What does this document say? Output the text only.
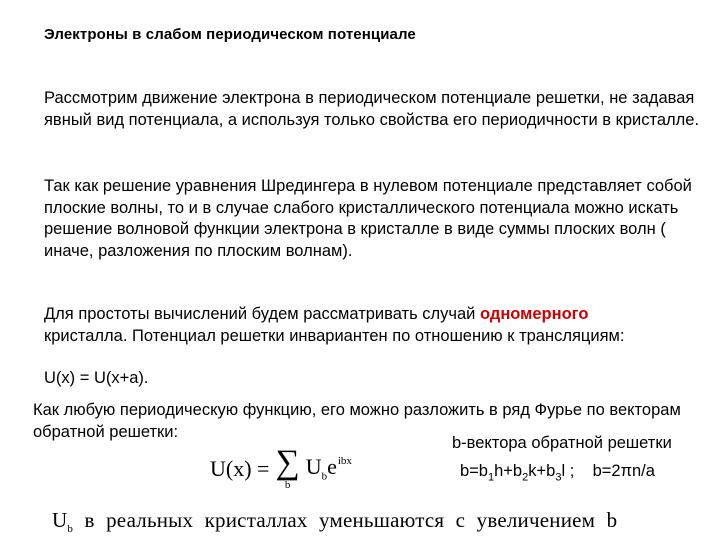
Электроны в слабом периодическом потенциале
Рассмотрим движение электрона в периодическом потенциале решетки, не задавая явный вид потенциала, а используя только свойства его периодичности в кристалле.
Так как решение уравнения Шредингера в нулевом потенциале представляет собой плоские волны, то и в случае слабого кристаллического потенциала можно искать решение волновой функции электрона в кристалле в виде суммы плоских волн ( иначе, разложения по плоским волнам).
Для простоты вычислений будем рассматривать случай одномерного
кристалла. Потенциал решетки инвариантен по отношению к трансляциям:
U(x) = U(x+a).
Как любую периодическую функцию, его можно разложить в ряд Фурье по векторам обратной решетки:
U(x) = ∑
b
$U_be^{ibx}$
b-вектора обратной решетки
$b=b_1h+b_2k+b_3l$ ; b=2πn/a
$U_b$ в реальных кристаллах уменьшаются с увеличением b
